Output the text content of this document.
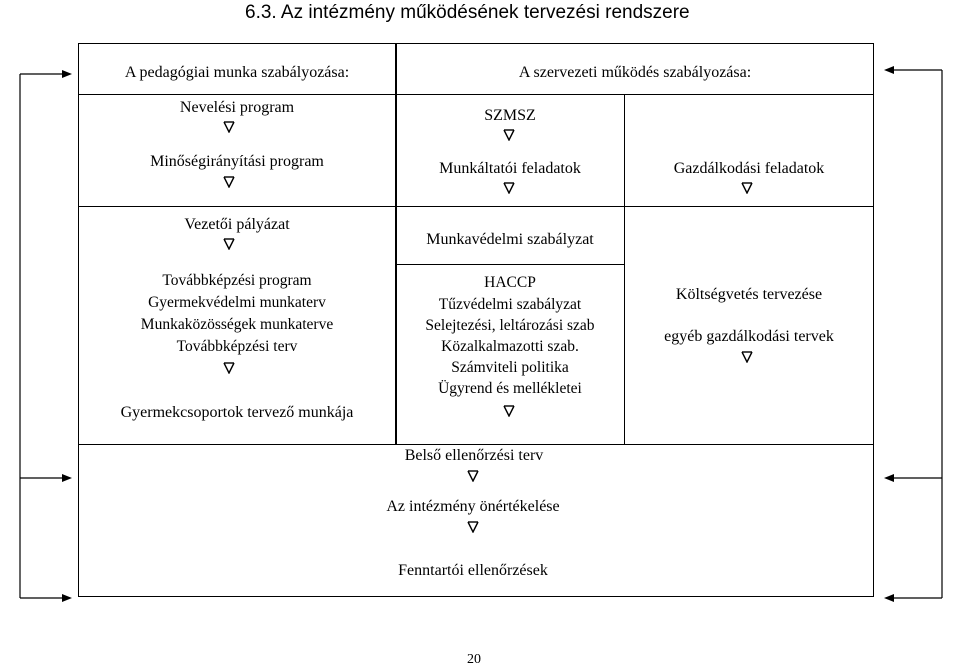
6.3. Az intézmény működésének tervezési rendszere
A pedagógiai munka szabályozása:
Nevelési program
Minőségirányítási program
Vezetői pályázat
Továbbképzési program
Gyermekvédelmi munkaterv
Munkaközösségek munkaterve
Továbbképzési terv
Gyermekcsoportok tervező munkája
A szervezeti működés szabályozása:
SZMSZ
Munkáltatói feladatok	Gazdálkodási feladatok
Munkavédelmi szabályzat
HACCP
Tűzvédelmi szabályzat
Selejtezési, leltározási szab
Közalkalmazotti szab.
Számviteli politika
Ügyrend és mellékletei
Költségvetés tervezése
egyéb gazdálkodási tervek
Belső ellenőrzési terv
Az intézmény önértékelése
Fenntartói ellenőrzések
20
